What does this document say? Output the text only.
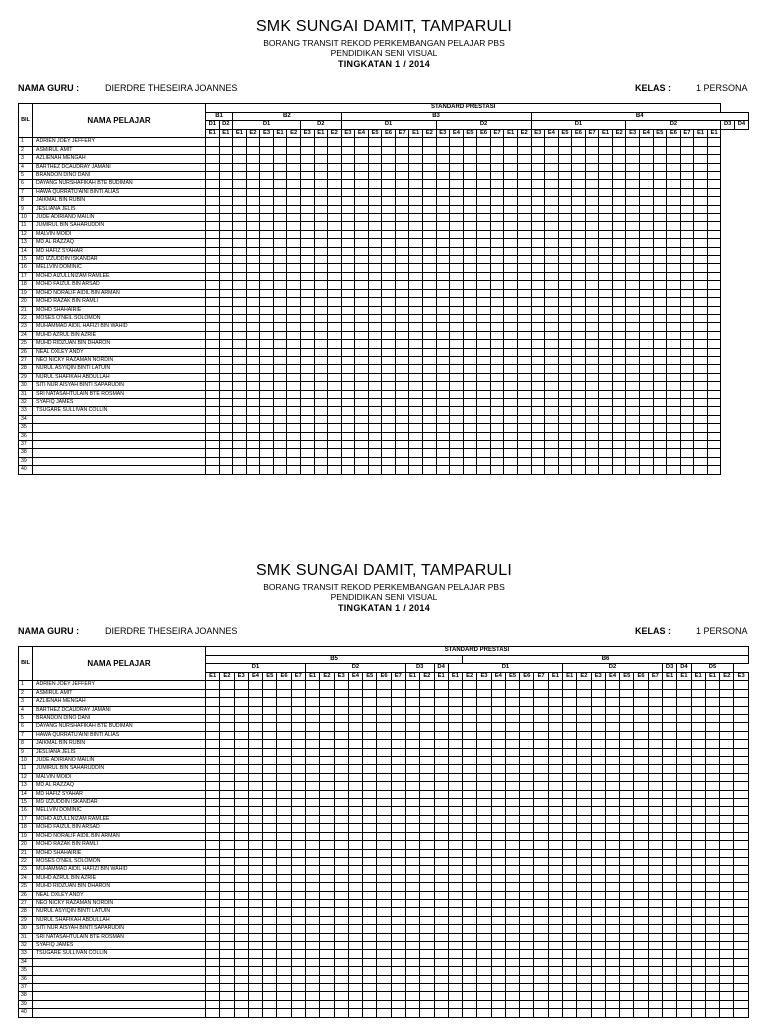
SMK SUNGAI DAMIT, TAMPARULI
BORANG TRANSIT REKOD PERKEMBANGAN PELAJAR PBS
PENDIDIKAN SENI VISUAL
TINGKATAN 1 / 2014
NAMA GURU :	DIERDRE THESEIRA JOANNES	KELAS :	1 PERSONA
BIL	NAMA PELAJAR	STANDARD PRESTASI																																							
		B1		B2								B3														B4															
		D1	D2	D1					D2			D1							D2							D1							D2							D3	D4
		E1	E1	E1	E2	E3	E1	E2	E3	E1	E2	E3	E4	E5	E6	E7	E1	E2	E3	E4	E5	E6	E7	E1	E2	E3	E4	E5	E6	E7	E1	E2	E3	E4	E5	E6	E7	E1	E1		
1	ADRIEN JOEY JEFFERY																																								
2	ASMIRUL AMIT																																								
3	AZLIENAH MENGAH																																								
4	BARTHEZ DCAUDRAY JAMANI																																								
5	BRANDON DINO DANI																																								
6	DAYANG NURSHAFIKAH BTE BUDIMAN																																								
7	HAWA QURRATU'AINI BINTI ALIAS																																								
8	JAIKMAL BIN RUBIN																																								
9	JESLIANA JELIS																																								
10	JUDE ADIRIANO MAILIN																																								
11	JUMIRUL BIN SAHARUDDIN																																								
12	MALVIN MOIDI																																								
13	MD AL RAZZAQ																																								
14	MD HAFIZ SYAHAR																																								
15	MD IZZUDDIN ISKANDAR																																								
16	MELLVIN DOMINIC																																								
17	MOHD AIZULLNIZAM RAMLEE																																								
18	MOHD FAIZUL BIN ARSAD																																								
19	MOHD NORALIF AIDIL BIN ARMAN																																								
20	MOHD RAZAK BIN RAMLI																																								
21	MOHD SHAHAIRIE																																								
22	MOSES O'NEIL SOLOMON																																								
23	MUHAMMAD AIDIL HAFIZI BIN WAHID																																								
24	MUHD AZRUL BIN AZRIE																																								
25	MUHD RIDZUAN BIN DHARON																																								
26	NEAL OXLEY ANDY																																								
27	NEO NICKY RAZAMAN NORDIN																																								
28	NURUL ASYIQIN BINTI LATUIN																																								
29	NURUL SHAFIKAH ABDULLAH																																								
30	SITI NUR AISYAH BINTI SAPARUDIN																																								
31	SRI NATASAHTULAIN BTE ROSMAN																																								
32	SYAFIQ JAMES																																								
33	TSUGARE SULLIVAN COLLIN																																								
34																																									
35																																									
36																																									
37																																									
38																																									
39																																									
40																																									
SMK SUNGAI DAMIT, TAMPARULI
BORANG TRANSIT REKOD PERKEMBANGAN PELAJAR PBS
PENDIDIKAN SENI VISUAL
TINGKATAN 1 / 2014
NAMA GURU :	DIERDRE THESEIRA JOANNES	KELAS :	1 PERSONA
BIL	NAMA PELAJAR	STANDARD PRESTASI																																					
		B5																		B6																			
		D1							D2							D3		D4	D1								D2							D3	D4	D5			
		E1	E2	E3	E4	E5	E6	E7	E1	E2	E3	E4	E5	E6	E7	E1	E2	E1	E1	E2	E3	E4	E5	E6	E7	E1	E1	E2	E3	E4	E5	E6	E7	E1	E1	E1	E1	E2	E3
1	ADRIEN JOEY JEFFERY																																						
2	ASMIRUL AMIT																																						
3	AZLIENAH MENGAH																																						
4	BARTHEZ DCAUDRAY JAMANI																																						
5	BRANDON DINO DANI																																						
6	DAYANG NURSHAFIKAH BTE BUDIMAN																																						
7	HAWA QURRATU'AINI BINTI ALIAS																																						
8	JAIKMAL BIN RUBIN																																						
9	JESLIANA JELIS																																						
10	JUDE ADIRIANO MAILIN																																						
11	JUMIRUL BIN SAHARUDDIN																																						
12	MALVIN MOIDI																																						
13	MD AL RAZZAQ																																						
14	MD HAFIZ SYAHAR																																						
15	MD IZZUDDIN ISKANDAR																																						
16	MELLVIN DOMINIC																																						
17	MOHD AIZULLNIZAM RAMLEE																																						
18	MOHD FAIZUL BIN ARSAD																																						
19	MOHD NORALIF AIDIL BIN ARMAN																																						
20	MOHD RAZAK BIN RAMLI																																						
21	MOHD SHAHAIRIE																																						
22	MOSES O'NEIL SOLOMON																																						
23	MUHAMMAD AIDIL HAFIZI BIN WAHID																																						
24	MUHD AZRUL BIN AZRIE																																						
25	MUHD RIDZUAN BIN DHARON																																						
26	NEAL OXLEY ANDY																																						
27	NEO NICKY RAZAMAN NORDIN																																						
28	NURUL ASYIQIN BINTI LATUIN																																						
29	NURUL SHAFIKAH ABDULLAH																																						
30	SITI NUR AISYAH BINTI SAPARUDIN																																						
31	SRI NATASAHTULAIN BTE ROSMAN																																						
32	SYAFIQ JAMES																																						
33	TSUGARE SULLIVAN COLLIN																																						
34																																							
35																																							
36																																							
37																																							
38																																							
39																																							
40																																							
